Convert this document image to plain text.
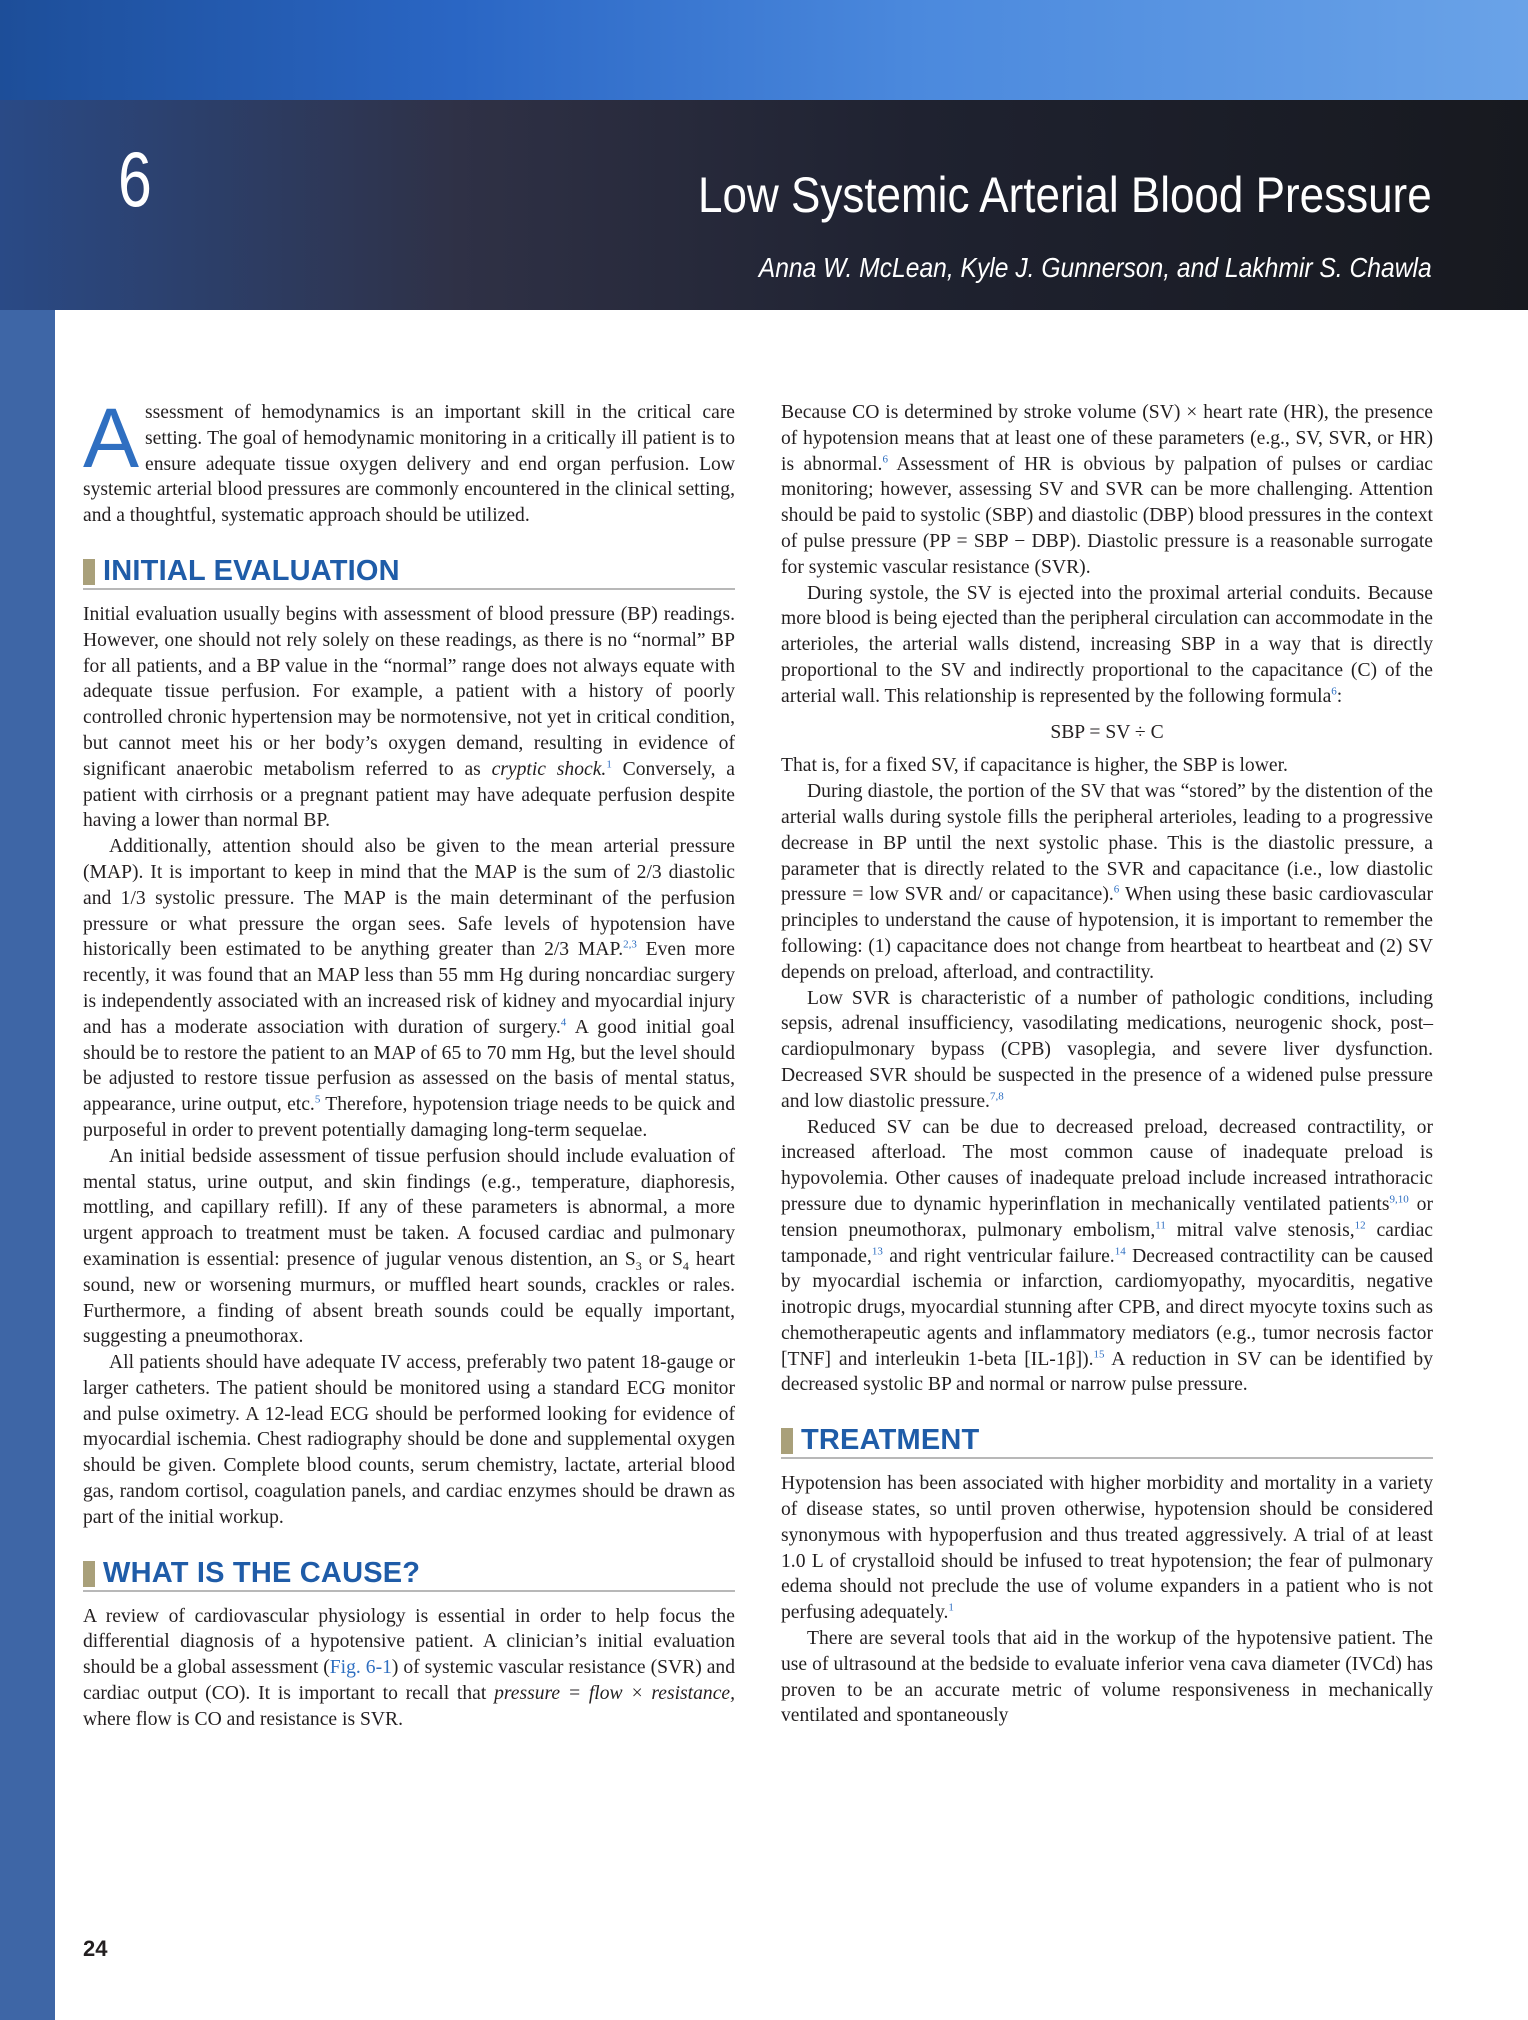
6	Low Systemic Arterial Blood Pressure
Anna W. McLean, Kyle J. Gunnerson, and Lakhmir S. Chawla

Assessment of hemodynamics is an important skill in the critical care setting. The goal of hemodynamic monitoring in a critically ill patient is to ensure adequate tissue oxygen delivery and end organ perfusion. Low systemic arterial blood pressures are commonly encountered in the clinical setting, and a thoughtful, systematic approach should be utilized.

INITIAL EVALUATION

Initial evaluation usually begins with assessment of blood pressure (BP) readings. However, one should not rely solely on these readings, as there is no “normal” BP for all patients, and a BP value in the “normal” range does not always equate with adequate tissue perfusion. For example, a patient with a history of poorly controlled chronic hypertension may be normotensive, not yet in critical condition, but cannot meet his or her body’s oxygen demand, resulting in evidence of significant anaerobic metabolism referred to as cryptic shock.$^1$ Conversely, a patient with cirrhosis or a pregnant patient may have adequate perfusion despite having a lower than normal BP.

Additionally, attention should also be given to the mean arterial pressure (MAP). It is important to keep in mind that the MAP is the sum of 2/3 diastolic and 1/3 systolic pressure. The MAP is the main determinant of the perfusion pressure or what pressure the organ sees. Safe levels of hypotension have historically been estimated to be anything greater than 2/3 MAP.$^{2,3}$ Even more recently, it was found that an MAP less than 55 mm Hg during noncardiac surgery is independently associated with an increased risk of kidney and myocardial injury and has a moderate association with duration of surgery.$^4$ A good initial goal should be to restore the patient to an MAP of 65 to 70 mm Hg, but the level should be adjusted to restore tissue perfusion as assessed on the basis of mental status, appearance, urine output, etc.$^5$ Therefore, hypotension triage needs to be quick and purposeful in order to prevent potentially damaging long-term sequelae.

An initial bedside assessment of tissue perfusion should include evaluation of mental status, urine output, and skin findings (e.g., temperature, diaphoresis, mottling, and capillary refill). If any of these parameters is abnormal, a more urgent approach to treatment must be taken. A focused cardiac and pulmonary examination is essential: presence of jugular venous distention, an $S_3$ or $S_4$ heart sound, new or worsening murmurs, or muffled heart sounds, crackles or rales. Furthermore, a finding of absent breath sounds could be equally important, suggesting a pneumothorax.

All patients should have adequate IV access, preferably two patent 18-gauge or larger catheters. The patient should be monitored using a standard ECG monitor and pulse oximetry. A 12-lead ECG should be performed looking for evidence of myocardial ischemia. Chest radiography should be done and supplemental oxygen should be given. Complete blood counts, serum chemistry, lactate, arterial blood gas, random cortisol, coagulation panels, and cardiac enzymes should be drawn as part of the initial workup.

WHAT IS THE CAUSE?

A review of cardiovascular physiology is essential in order to help focus the differential diagnosis of a hypotensive patient. A clinician’s initial evaluation should be a global assessment (Fig. 6-1) of systemic vascular resistance (SVR) and cardiac output (CO). It is important to recall that pressure = flow × resistance, where flow is CO and resistance is SVR.

Because CO is determined by stroke volume (SV) × heart rate (HR), the presence of hypotension means that at least one of these parameters (e.g., SV, SVR, or HR) is abnormal.$^6$ Assessment of HR is obvious by palpation of pulses or cardiac monitoring; however, assessing SV and SVR can be more challenging. Attention should be paid to systolic (SBP) and diastolic (DBP) blood pressures in the context of pulse pressure (PP = SBP − DBP). Diastolic pressure is a reasonable surrogate for systemic vascular resistance (SVR).

During systole, the SV is ejected into the proximal arterial conduits. Because more blood is being ejected than the peripheral circulation can accommodate in the arterioles, the arterial walls distend, increasing SBP in a way that is directly proportional to the SV and indirectly proportional to the capacitance (C) of the arterial wall. This relationship is represented by the following formula$^6$:

SBP = SV ÷ C

That is, for a fixed SV, if capacitance is higher, the SBP is lower.

During diastole, the portion of the SV that was “stored” by the distention of the arterial walls during systole fills the peripheral arterioles, leading to a progressive decrease in BP until the next systolic phase. This is the diastolic pressure, a parameter that is directly related to the SVR and capacitance (i.e., low diastolic pressure = low SVR and/ or capacitance).$^6$ When using these basic cardiovascular principles to understand the cause of hypotension, it is important to remember the following: (1) capacitance does not change from heartbeat to heartbeat and (2) SV depends on preload, afterload, and contractility.

Low SVR is characteristic of a number of pathologic conditions, including sepsis, adrenal insufficiency, vasodilating medications, neurogenic shock, post–cardiopulmonary bypass (CPB) vasoplegia, and severe liver dysfunction. Decreased SVR should be suspected in the presence of a widened pulse pressure and low diastolic pressure.$^{7,8}$

Reduced SV can be due to decreased preload, decreased contractility, or increased afterload. The most common cause of inadequate preload is hypovolemia. Other causes of inadequate preload include increased intrathoracic pressure due to dynamic hyperinflation in mechanically ventilated patients$^{9,10}$ or tension pneumothorax, pulmonary embolism,$^{11}$ mitral valve stenosis,$^{12}$ cardiac tamponade,$^{13}$ and right ventricular failure.$^{14}$ Decreased contractility can be caused by myocardial ischemia or infarction, cardiomyopathy, myocarditis, negative inotropic drugs, myocardial stunning after CPB, and direct myocyte toxins such as chemotherapeutic agents and inflammatory mediators (e.g., tumor necrosis factor [TNF] and interleukin 1-beta [IL-1β]).$^{15}$ A reduction in SV can be identified by decreased systolic BP and normal or narrow pulse pressure.

TREATMENT

Hypotension has been associated with higher morbidity and mortality in a variety of disease states, so until proven otherwise, hypotension should be considered synonymous with hypoperfusion and thus treated aggressively. A trial of at least 1.0 L of crystalloid should be infused to treat hypotension; the fear of pulmonary edema should not preclude the use of volume expanders in a patient who is not perfusing adequately.$^1$

There are several tools that aid in the workup of the hypotensive patient. The use of ultrasound at the bedside to evaluate inferior vena cava diameter (IVCd) has proven to be an accurate metric of volume responsiveness in mechanically ventilated and spontaneously

24
